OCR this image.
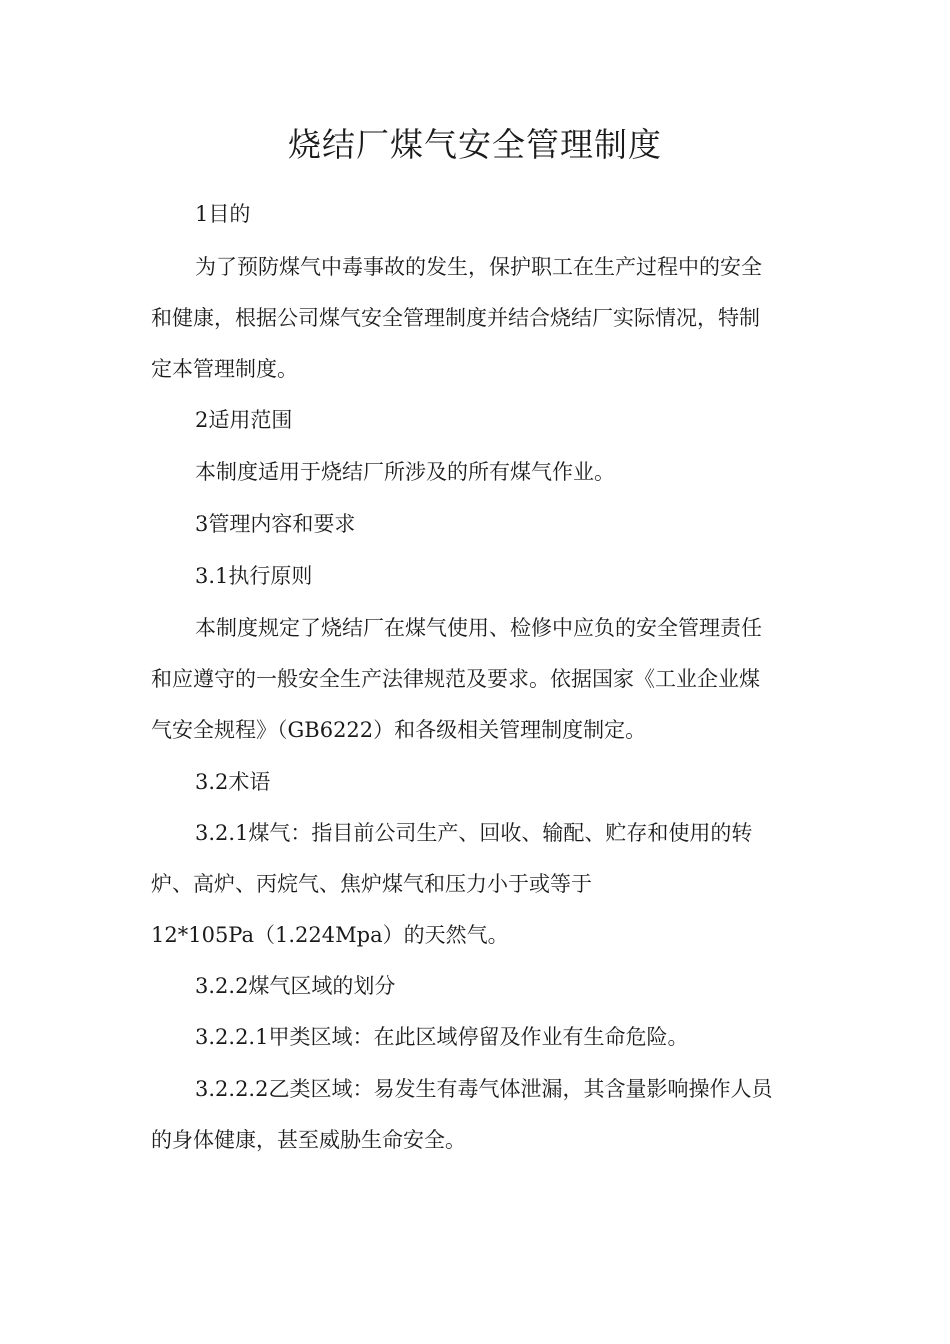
烧结厂煤气安全管理制度
1目的
为了预防煤气中毒事故的发生，保护职工在生产过程中的安全
和健康，根据公司煤气安全管理制度并结合烧结厂实际情况，特制
定本管理制度。
2适用范围
本制度适用于烧结厂所涉及的所有煤气作业。
3管理内容和要求
3.1执行原则
本制度规定了烧结厂在煤气使用、检修中应负的安全管理责任
和应遵守的一般安全生产法律规范及要求。依据国家《工业企业煤
气安全规程》（GB6222）和各级相关管理制度制定。
3.2术语
3.2.1煤气：指目前公司生产、回收、输配、贮存和使用的转
炉、高炉、丙烷气、焦炉煤气和压力小于或等于
12*105Pa（1.224Mpa）的天然气。
3.2.2煤气区域的划分
3.2.2.1甲类区域：在此区域停留及作业有生命危险。
3.2.2.2乙类区域：易发生有毒气体泄漏，其含量影响操作人员
的身体健康，甚至威胁生命安全。
